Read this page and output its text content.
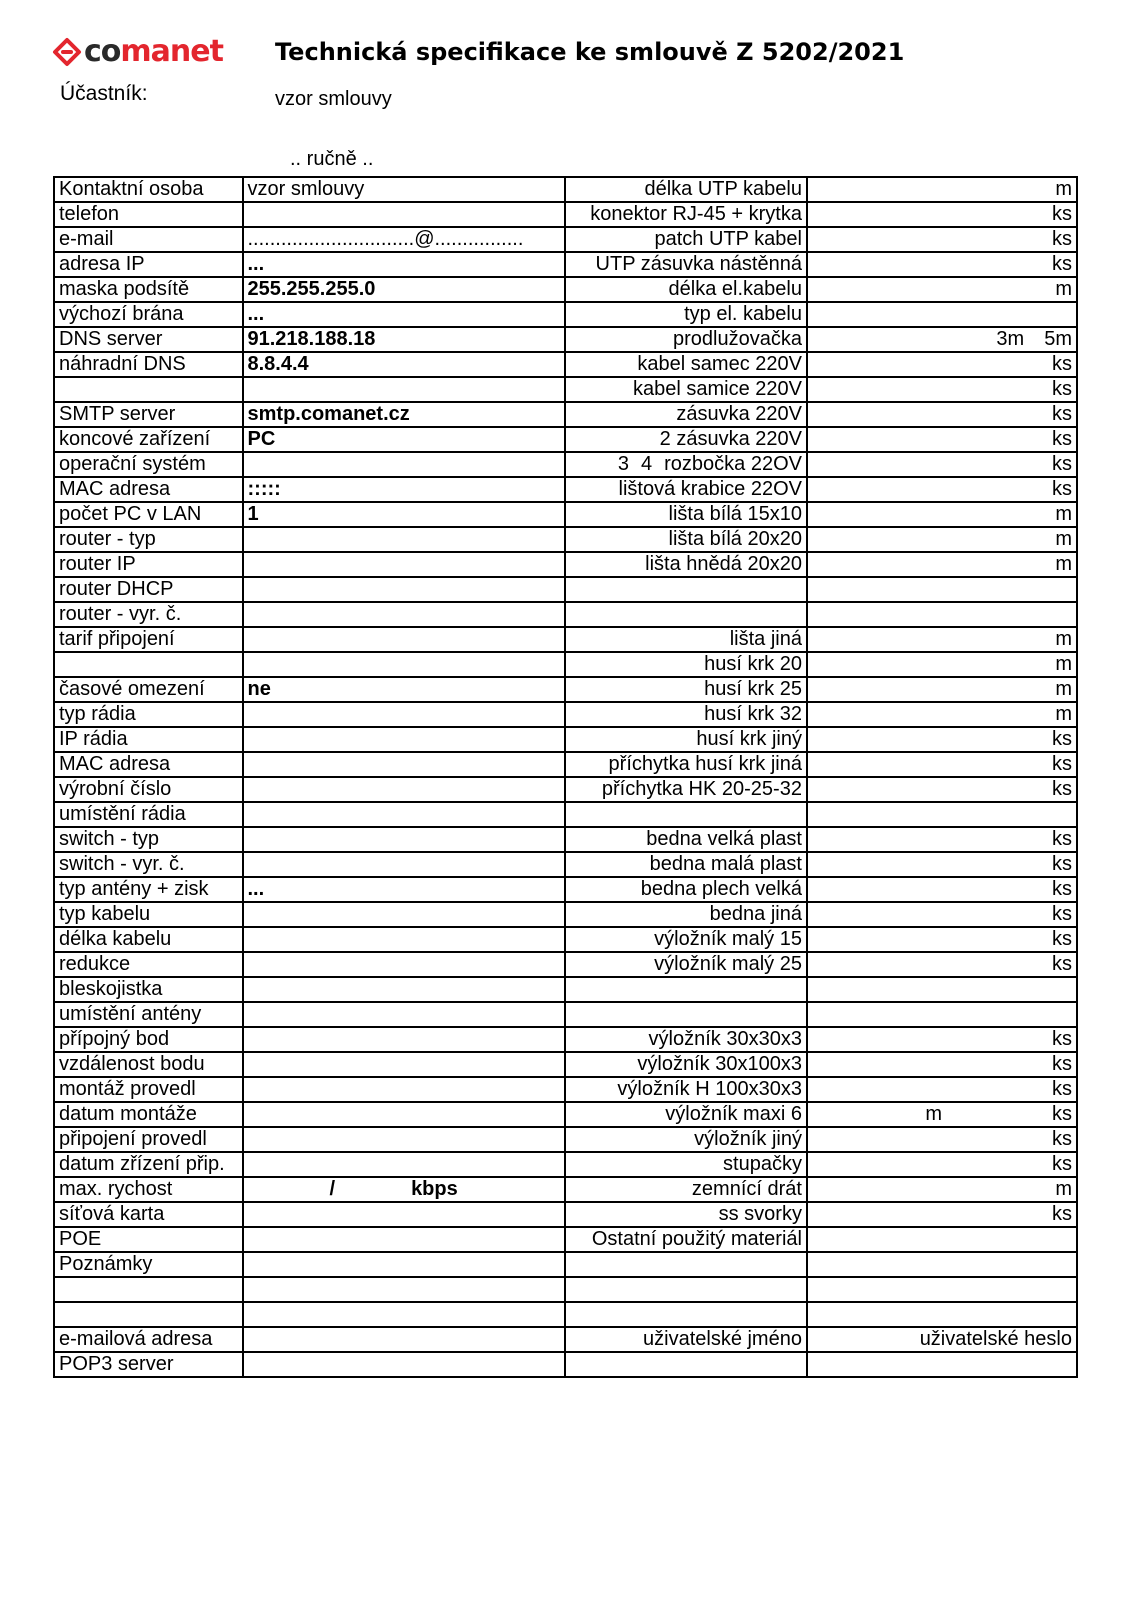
comanet Technická specifikace ke smlouvě Z 5202/2021
Účastník:	vzor smlouvy
.. ručně ..
Kontaktní osoba	vzor smlouvy	délka UTP kabelu	m
telefon		konektor RJ-45 + krytka	ks
e-mail	..............................@................	patch UTP kabel	ks
adresa IP	...	UTP zásuvka nástěnná	ks
maska podsítě	255.255.255.0	délka el.kabelu	m
výchozí brána	...	typ el. kabelu	
DNS server	91.218.188.18	prodlužovačka	3m 5m
náhradní DNS	8.8.4.4	kabel samec 220V	ks
		kabel samice 220V	ks
SMTP server	smtp.comanet.cz	zásuvka 220V	ks
koncové zařízení	PC	2 zásuvka 220V	ks
operační systém		3 4 rozbočka 22OV	ks
MAC adresa	:::::	lištová krabice 22OV	ks
počet PC v LAN	1	lišta bílá 15x10	m
router - typ		lišta bílá 20x20	m
router IP		lišta hnědá 20x20	m
router DHCP			
router - vyr. č.			
tarif připojení		lišta jiná	m
		husí krk 20	m
časové omezení	ne	husí krk 25	m
typ rádia		husí krk 32	m
IP rádia		husí krk jiný	ks
MAC adresa		příchytka husí krk jiná	ks
výrobní číslo		příchytka HK 20-25-32	ks
umístění rádia			
switch - typ		bedna velká plast	ks
switch - vyr. č.		bedna malá plast	ks
typ antény + zisk	...	bedna plech velká	ks
typ kabelu		bedna jiná	ks
délka kabelu		výložník malý 15	ks
redukce		výložník malý 25	ks
bleskojistka			
umístění antény			
přípojný bod		výložník 30x30x3	ks
vzdálenost bodu		výložník 30x100x3	ks
montáž provedl		výložník H 100x30x3	ks
datum montáže		výložník maxi 6	m ks
připojení provedl		výložník jiný	ks
datum zřízení přip.		stupačky	ks
max. rychost	/ kbps	zemnící drát	m
síťová karta		ss svorky	ks
POE		Ostatní použitý materiál	
Poznámky			

e-mailová adresa		uživatelské jméno	uživatelské heslo
POP3 server			
